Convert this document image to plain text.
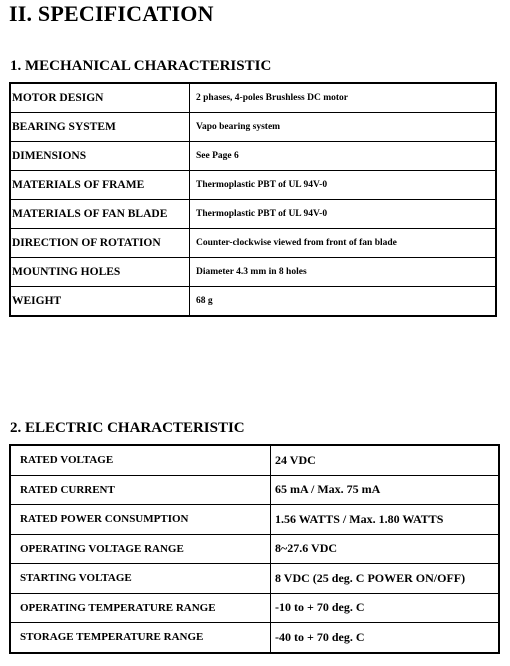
II. SPECIFICATION
1. MECHANICAL CHARACTERISTIC
MOTOR DESIGN	2 phases, 4-poles Brushless DC motor
BEARING SYSTEM	Vapo bearing system
DIMENSIONS	See Page 6
MATERIALS OF FRAME	Thermoplastic PBT of UL 94V-0
MATERIALS OF FAN BLADE	Thermoplastic PBT of UL 94V-0
DIRECTION OF ROTATION	Counter-clockwise viewed from front of fan blade
MOUNTING HOLES	Diameter 4.3 mm in 8 holes
WEIGHT	68 g
2. ELECTRIC CHARACTERISTIC
RATED VOLTAGE	24 VDC
RATED CURRENT	65 mA / Max. 75 mA
RATED POWER CONSUMPTION	1.56 WATTS / Max. 1.80 WATTS
OPERATING VOLTAGE RANGE	8~27.6 VDC
STARTING VOLTAGE	8 VDC (25 deg. C POWER ON/OFF)
OPERATING TEMPERATURE RANGE	-10 to + 70 deg. C
STORAGE TEMPERATURE RANGE	-40 to + 70 deg. C
